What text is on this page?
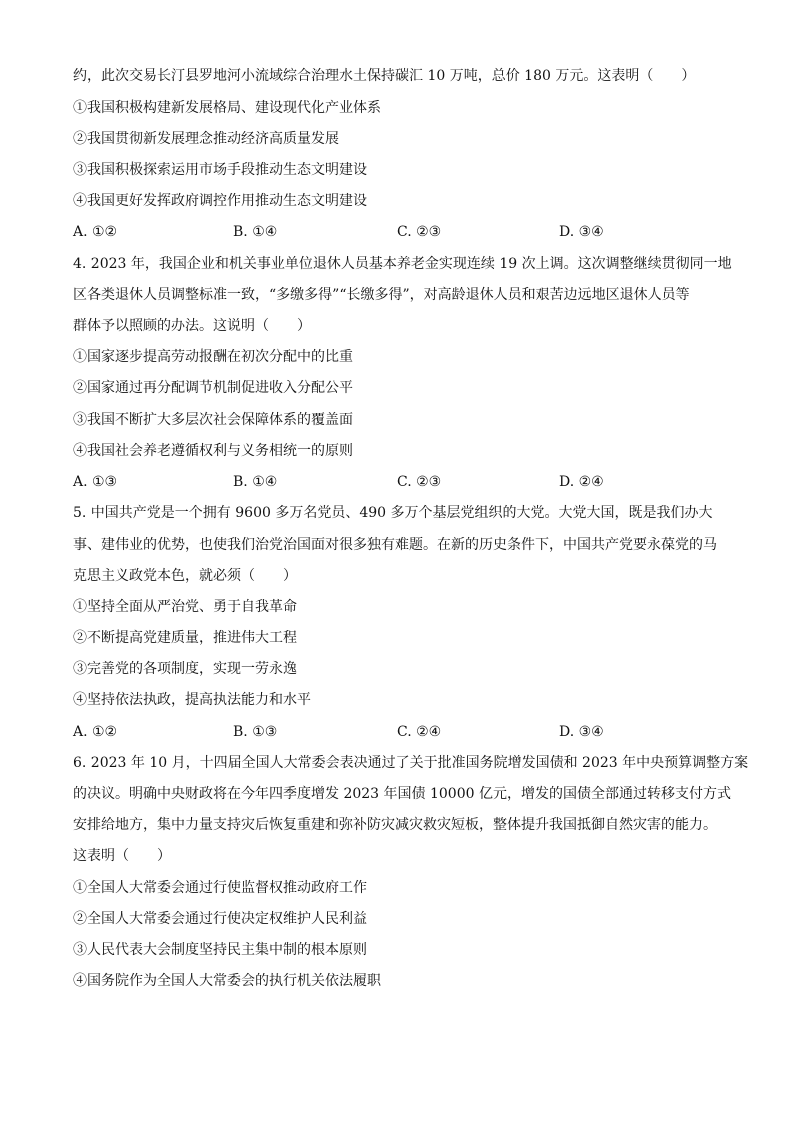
约，此次交易长汀县罗地河小流域综合治理水土保持碳汇 10 万吨，总价 180 万元。这表明（　　）
①我国积极构建新发展格局、建设现代化产业体系
②我国贯彻新发展理念推动经济高质量发展
③我国积极探索运用市场手段推动生态文明建设
④我国更好发挥政府调控作用推动生态文明建设
A. ①②	B. ①④	C. ②③	D. ③④
4. 2023 年，我国企业和机关事业单位退休人员基本养老金实现连续 19 次上调。这次调整继续贯彻同一地
区各类退休人员调整标准一致，“多缴多得”“长缴多得”，对高龄退休人员和艰苦边远地区退休人员等
群体予以照顾的办法。这说明（　　）
①国家逐步提高劳动报酬在初次分配中的比重
②国家通过再分配调节机制促进收入分配公平
③我国不断扩大多层次社会保障体系的覆盖面
④我国社会养老遵循权利与义务相统一的原则
A. ①③	B. ①④	C. ②③	D. ②④
5. 中国共产党是一个拥有 9600 多万名党员、490 多万个基层党组织的大党。大党大国，既是我们办大
事、建伟业的优势，也使我们治党治国面对很多独有难题。在新的历史条件下，中国共产党要永葆党的马
克思主义政党本色，就必须（　　）
①坚持全面从严治党、勇于自我革命
②不断提高党建质量，推进伟大工程
③完善党的各项制度，实现一劳永逸
④坚持依法执政，提高执法能力和水平
A. ①②	B. ①③	C. ②④	D. ③④
6. 2023 年 10 月，十四届全国人大常委会表决通过了关于批准国务院增发国债和 2023 年中央预算调整方案
的决议。明确中央财政将在今年四季度增发 2023 年国债 10000 亿元，增发的国债全部通过转移支付方式
安排给地方，集中力量支持灾后恢复重建和弥补防灾减灾救灾短板，整体提升我国抵御自然灾害的能力。
这表明（　　）
①全国人大常委会通过行使监督权推动政府工作
②全国人大常委会通过行使决定权维护人民利益
③人民代表大会制度坚持民主集中制的根本原则
④国务院作为全国人大常委会的执行机关依法履职
